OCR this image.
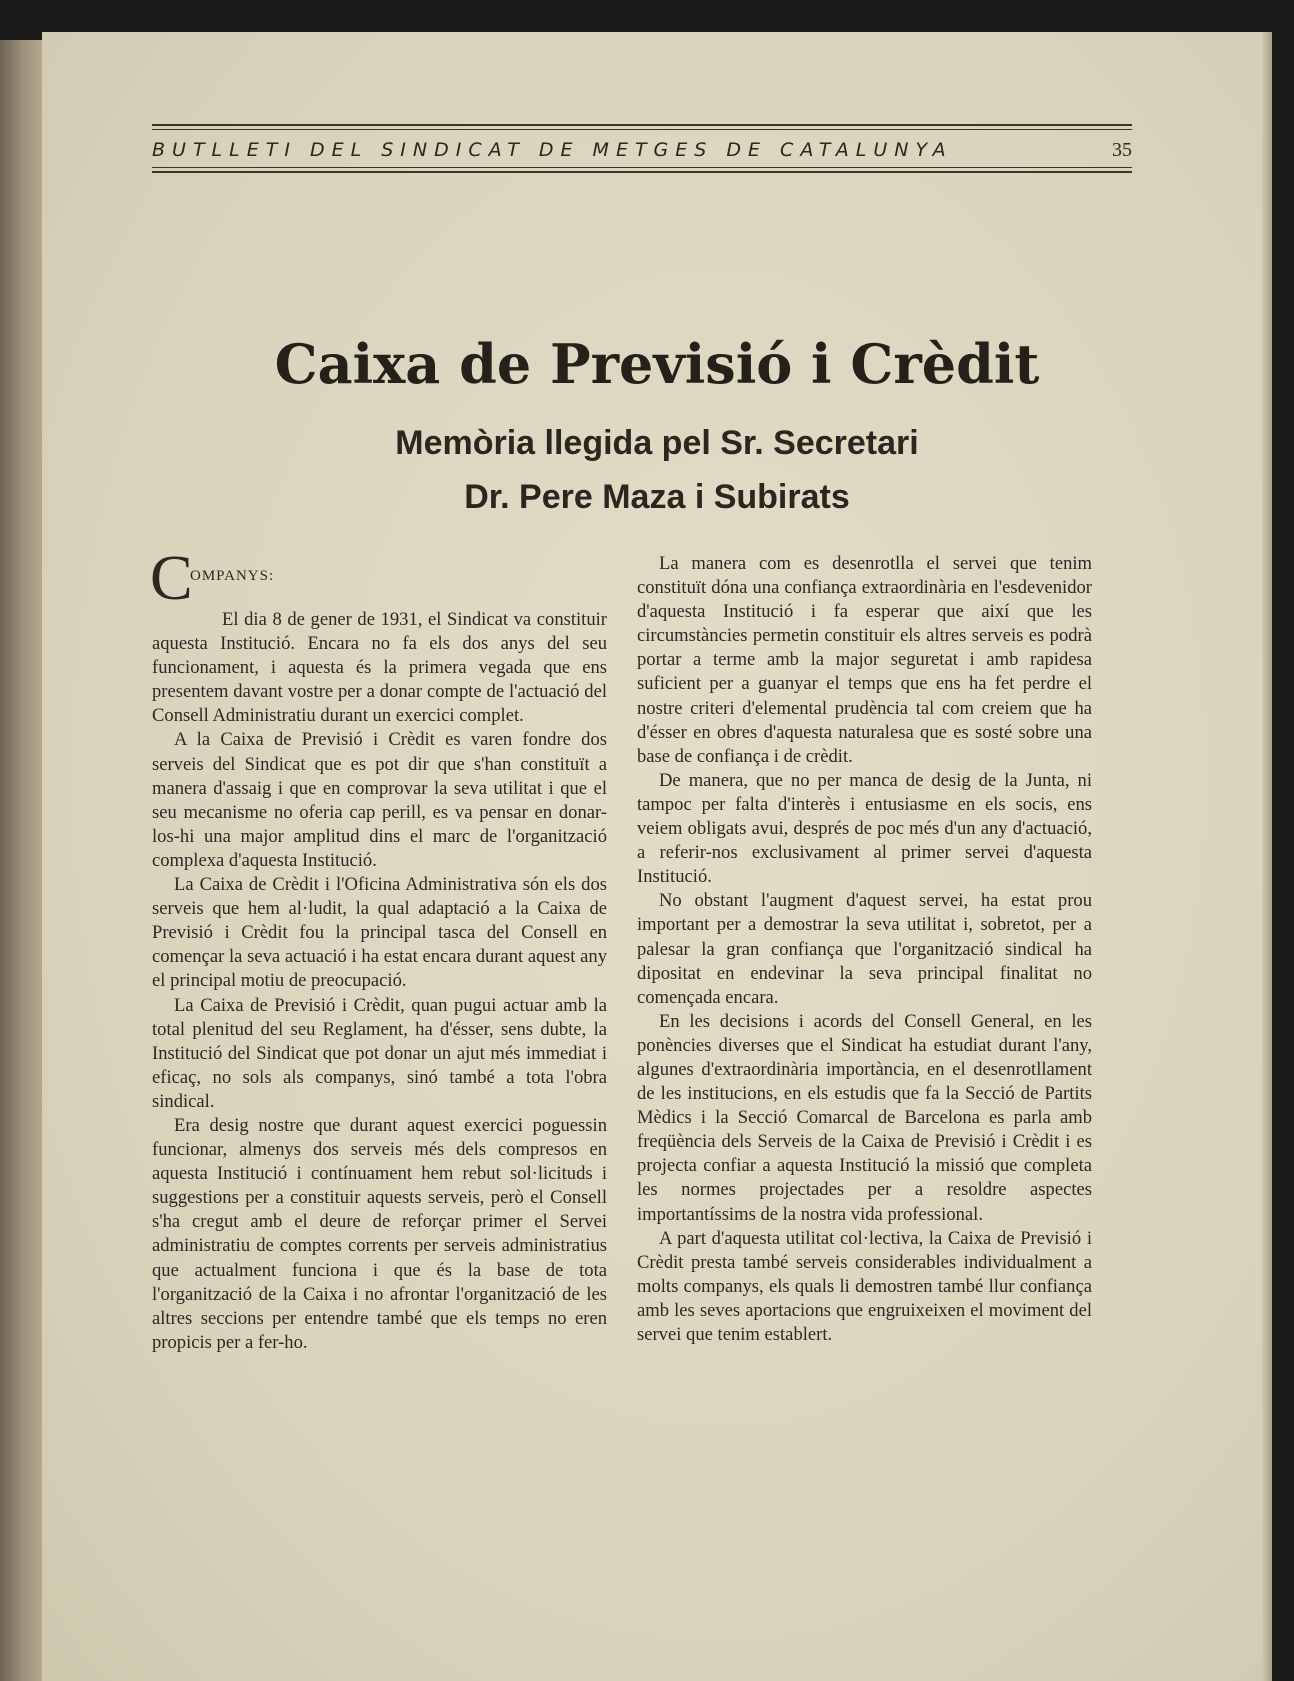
BUTLLETI DEL SINDICAT DE METGES DE CATALUNYA	35
Caixa de Previsió i Crèdit
Memòria llegida pel Sr. Secretari
Dr. Pere Maza i Subirats
C
OMPANYS:

El dia 8 de gener de 1931, el Sindicat va constituir aquesta Institució. Encara no fa els dos anys del seu funcionament, i aquesta és la primera vegada que ens presentem davant vostre per a donar compte de l'actuació del Consell Administratiu durant un exercici complet.

A la Caixa de Previsió i Crèdit es varen fondre dos serveis del Sindicat que es pot dir que s'han constituït a manera d'assaig i que en comprovar la seva utilitat i que el seu mecanisme no oferia cap perill, es va pensar en donar-los-hi una major amplitud dins el marc de l'organització complexa d'aquesta Institució.

La Caixa de Crèdit i l'Oficina Administrativa són els dos serveis que hem al·ludit, la qual adaptació a la Caixa de Previsió i Crèdit fou la principal tasca del Consell en començar la seva actuació i ha estat encara durant aquest any el principal motiu de preocupació.

La Caixa de Previsió i Crèdit, quan pugui actuar amb la total plenitud del seu Reglament, ha d'ésser, sens dubte, la Institució del Sindicat que pot donar un ajut més immediat i eficaç, no sols als companys, sinó també a tota l'obra sindical.

Era desig nostre que durant aquest exercici poguessin funcionar, almenys dos serveis més dels compresos en aquesta Institució i contínuament hem rebut sol·licituds i suggestions per a constituir aquests serveis, però el Consell s'ha cregut amb el deure de reforçar primer el Servei administratiu de comptes corrents per serveis administratius que actualment funciona i que és la base de tota l'organització de la Caixa i no afrontar l'organització de les altres seccions per entendre també que els temps no eren propicis per a fer-ho.

La manera com es desenrotlla el servei que tenim constituït dóna una confiança extraordinària en l'esdevenidor d'aquesta Institució i fa esperar que així que les circumstàncies permetin constituir els altres serveis es podrà portar a terme amb la major seguretat i amb rapidesa suficient per a guanyar el temps que ens ha fet perdre el nostre criteri d'elemental prudència tal com creiem que ha d'ésser en obres d'aquesta naturalesa que es sosté sobre una base de confiança i de crèdit.

De manera, que no per manca de desig de la Junta, ni tampoc per falta d'interès i entusiasme en els socis, ens veiem obligats avui, després de poc més d'un any d'actuació, a referir-nos exclusivament al primer servei d'aquesta Institució.

No obstant l'augment d'aquest servei, ha estat prou important per a demostrar la seva utilitat i, sobretot, per a palesar la gran confiança que l'organització sindical ha dipositat en endevinar la seva principal finalitat no començada encara.

En les decisions i acords del Consell General, en les ponències diverses que el Sindicat ha estudiat durant l'any, algunes d'extraordinària importància, en el desenrotllament de les institucions, en els estudis que fa la Secció de Partits Mèdics i la Secció Comarcal de Barcelona es parla amb freqüència dels Serveis de la Caixa de Previsió i Crèdit i es projecta confiar a aquesta Institució la missió que completa les normes projectades per a resoldre aspectes importantíssims de la nostra vida professional.

A part d'aquesta utilitat col·lectiva, la Caixa de Previsió i Crèdit presta també serveis considerables individualment a molts companys, els quals li demostren també llur confiança amb les seves aportacions que engruixeixen el moviment del servei que tenim establert.
